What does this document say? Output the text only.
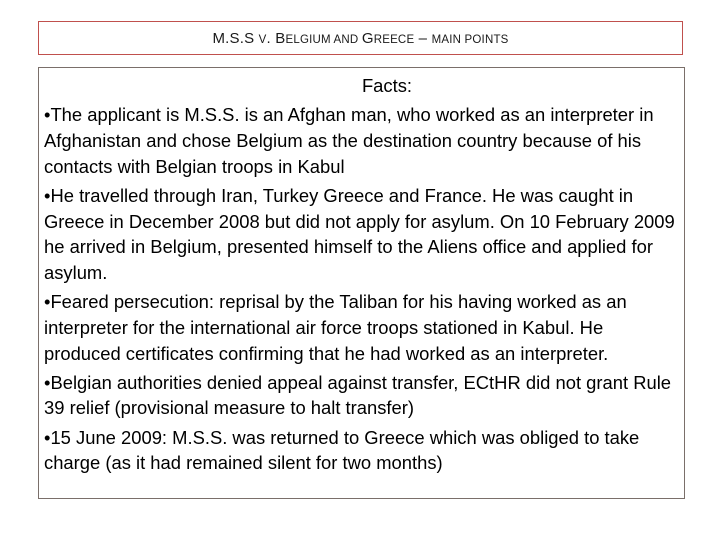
M.S.S V. BELGIUM AND GREECE – MAIN POINTS

Facts:

•The applicant is M.S.S. is an Afghan man, who worked as an interpreter in Afghanistan and chose Belgium as the destination country because of his contacts with Belgian troops in Kabul

•He travelled through Iran, Turkey Greece and France. He was caught in Greece in December 2008 but did not apply for asylum. On 10 February 2009 he arrived in Belgium, presented himself to the Aliens office and applied for asylum.

•Feared persecution: reprisal by the Taliban for his having worked as an interpreter for the international air force troops stationed in Kabul. He produced certificates confirming that he had worked as an interpreter.

•Belgian authorities denied appeal against transfer, ECtHR did not grant Rule 39 relief (provisional measure to halt transfer)

•15 June 2009: M.S.S. was returned to Greece which was obliged to take charge (as it had remained silent for two months)
